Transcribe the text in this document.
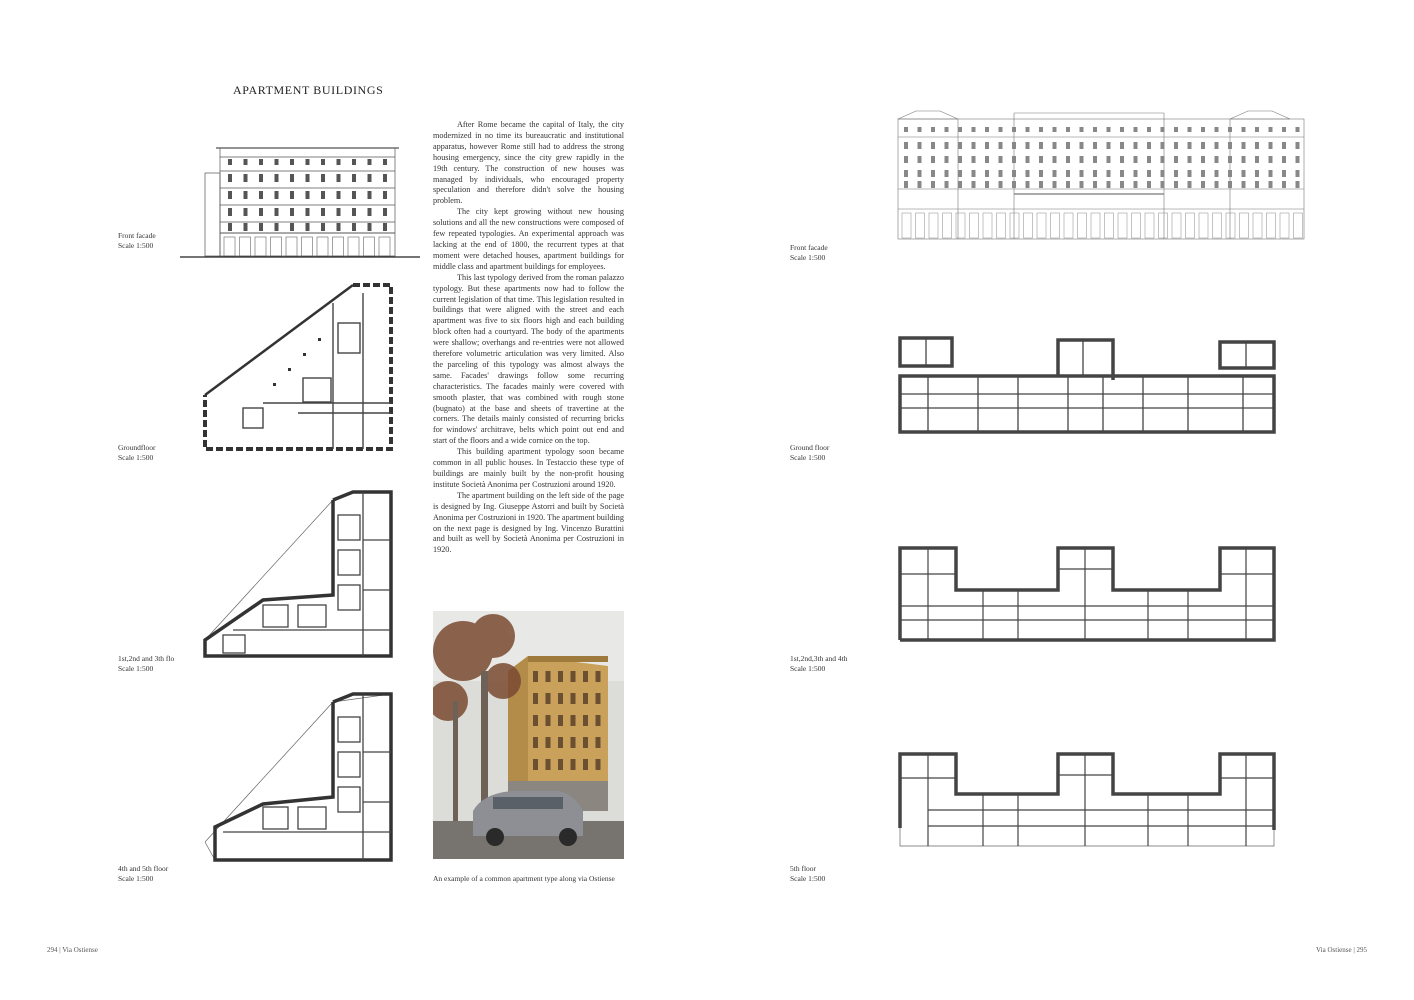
APARTMENT BUILDINGS
Front facade
Scale 1:500
Groundfloor
Scale 1:500
1st,2nd and 3th flo
Scale 1:500
4th and 5th floor
Scale 1:500

After Rome became the capital of Italy, the city modernized in no time its bureaucratic and institutional apparatus, however Rome still had to address the strong housing emergency, since the city grew rapidly in the 19th century. The construction of new houses was managed by individuals, who encouraged property speculation and therefore didn't solve the housing problem.

The city kept growing without new housing solutions and all the new constructions were composed of few repeated typologies. An experimental approach was lacking at the end of 1800, the recurrent types at that moment were detached houses, apartment buildings for middle class and apartment buildings for employees.

This last typology derived from the roman palazzo typology. But these apartments now had to follow the current legislation of that time. This legislation resulted in buildings that were aligned with the street and each apartment was five to six floors high and each building block often had a courtyard. The body of the apartments were shallow; overhangs and re-entries were not allowed therefore volumetric articulation was very limited. Also the parceling of this typology was almost always the same. Facades' drawings follow some recurring characteristics. The facades mainly were covered with smooth plaster, that was combined with rough stone (bugnato) at the base and sheets of travertine at the corners. The details mainly consisted of recurring bricks for windows' architrave, belts which point out end and start of the floors and a wide cornice on the top.

This building apartment typology soon became common in all public houses. In Testaccio these type of buildings are mainly built by the non-profit housing institute Società Anonima per Costruzioni around 1920.

The apartment building on the left side of the page is designed by Ing. Giuseppe Astorri and built by Società Anonima per Costruzioni in 1920. The apartment building on the next page is designed by Ing. Vincenzo Burattini and built as well by Società Anonima per Costruzioni in 1920.

An example of a common apartment type along via Ostiense
Front facade
Scale 1:500
Ground floor
Scale 1:500
1st,2nd,3th and 4th
Scale 1:500
5th floor
Scale 1:500
294 | Via Ostiense	Via Ostiense | 295
